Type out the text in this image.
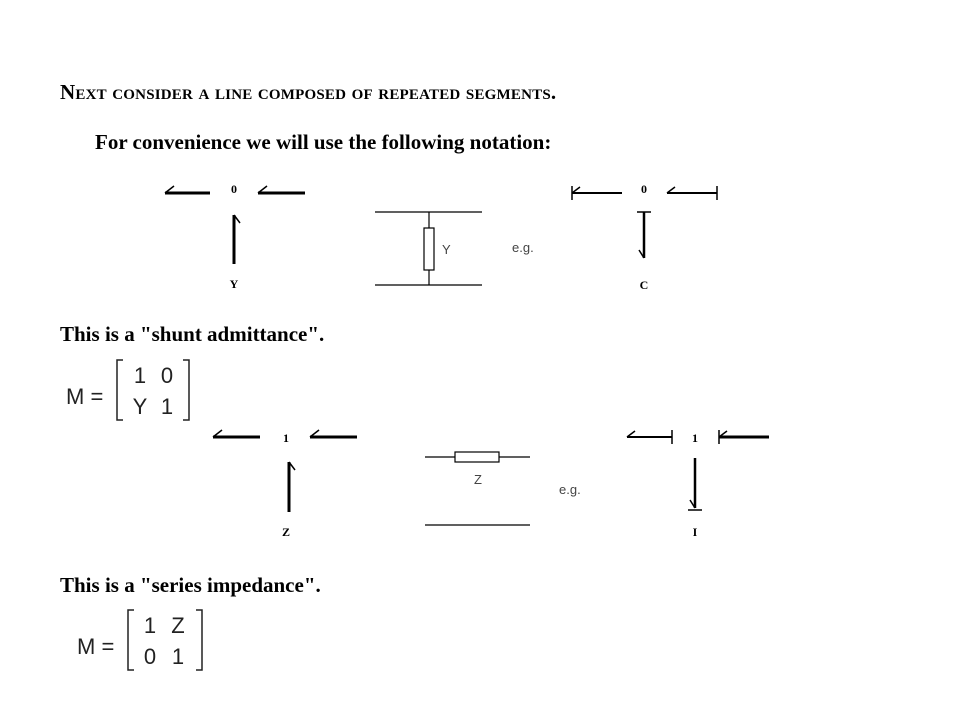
Next consider a line composed of repeated segments.
For convenience we will use the following notation:
This is a "shunt admittance".
This is a "series impedance".
0
Y
Y	e.g.
0
C
M =
1 0
Y 1
1
Z
Z
e.g.
1
I
M =
1 Z
0 1
